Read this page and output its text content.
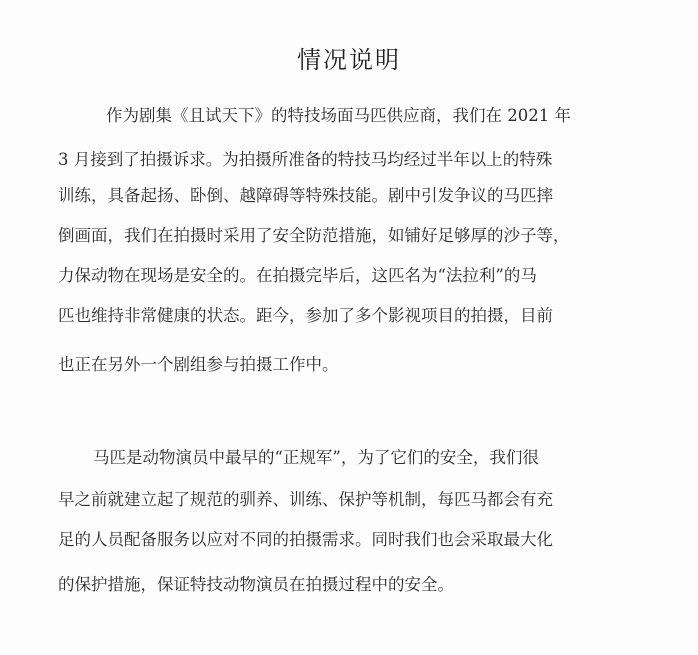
情况说明
作为剧集《且试天下》的特技场面马匹供应商，我们在 2021 年
3 月接到了拍摄诉求。为拍摄所准备的特技马均经过半年以上的特殊
训练，具备起扬、卧倒、越障碍等特殊技能。剧中引发争议的马匹摔
倒画面，我们在拍摄时采用了安全防范措施，如铺好足够厚的沙子等，
力保动物在现场是安全的。在拍摄完毕后，这匹名为“法拉利”的马
匹也维持非常健康的状态。距今，参加了多个影视项目的拍摄，目前
也正在另外一个剧组参与拍摄工作中。
马匹是动物演员中最早的“正规军”，为了它们的安全，我们很
早之前就建立起了规范的驯养、训练、保护等机制，每匹马都会有充
足的人员配备服务以应对不同的拍摄需求。同时我们也会采取最大化
的保护措施，保证特技动物演员在拍摄过程中的安全。
